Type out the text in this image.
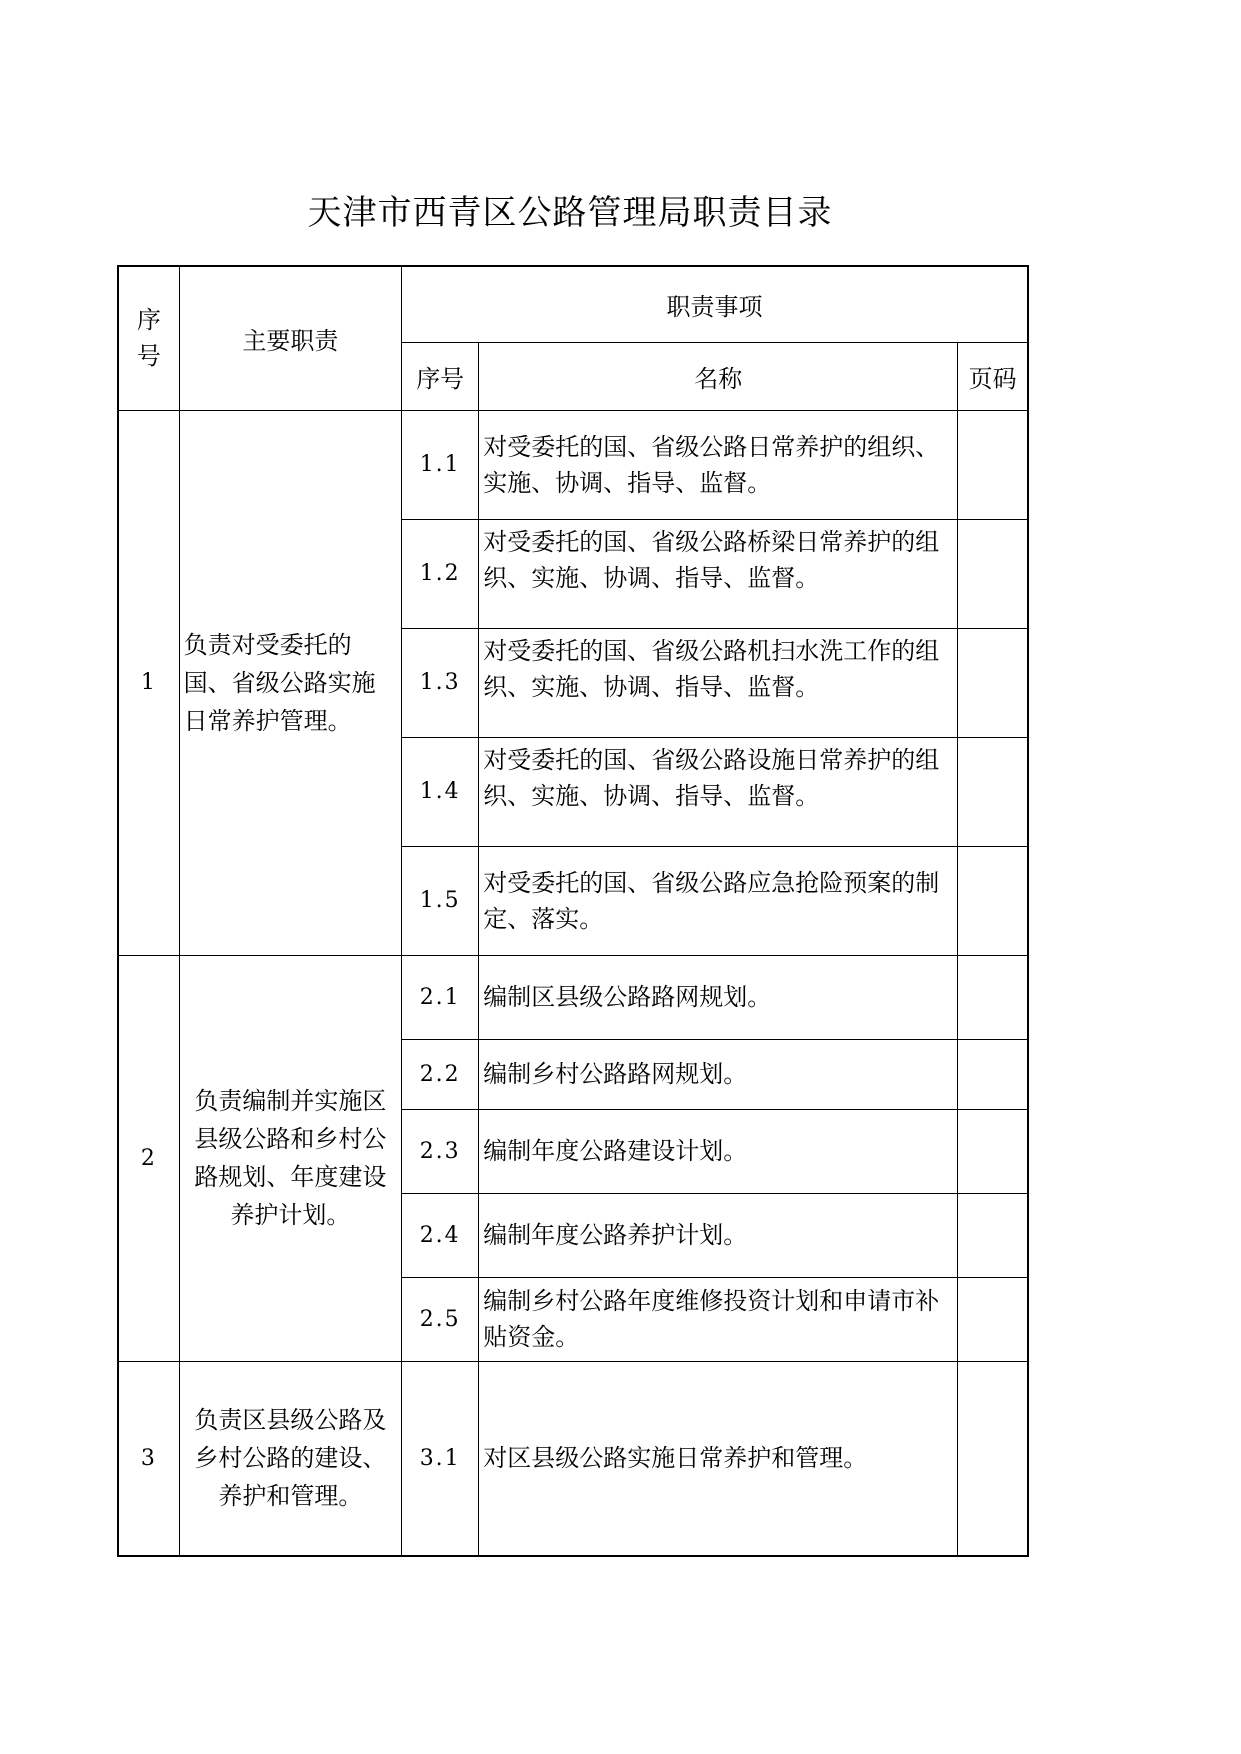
天津市西青区公路管理局职责目录
序号	主要职责	职责事项		
		序号	名称	页码
1	负责对受委托的国、省级公路实施日常养护管理。	1.1	对受委托的国、省级公路日常养护的组织、实施、协调、指导、监督。	
		1.2	对受委托的国、省级公路桥梁日常养护的组织、实施、协调、指导、监督。	
		1.3	对受委托的国、省级公路机扫水洗工作的组织、实施、协调、指导、监督。	
		1.4	对受委托的国、省级公路设施日常养护的组织、实施、协调、指导、监督。	
		1.5	对受委托的国、省级公路应急抢险预案的制定、落实。	
2	负责编制并实施区县级公路和乡村公路规划、年度建设养护计划。	2.1	编制区县级公路路网规划。	
		2.2	编制乡村公路路网规划。	
		2.3	编制年度公路建设计划。	
		2.4	编制年度公路养护计划。	
		2.5	编制乡村公路年度维修投资计划和申请市补贴资金。	
3	负责区县级公路及乡村公路的建设、养护和管理。	3.1	对区县级公路实施日常养护和管理。	
